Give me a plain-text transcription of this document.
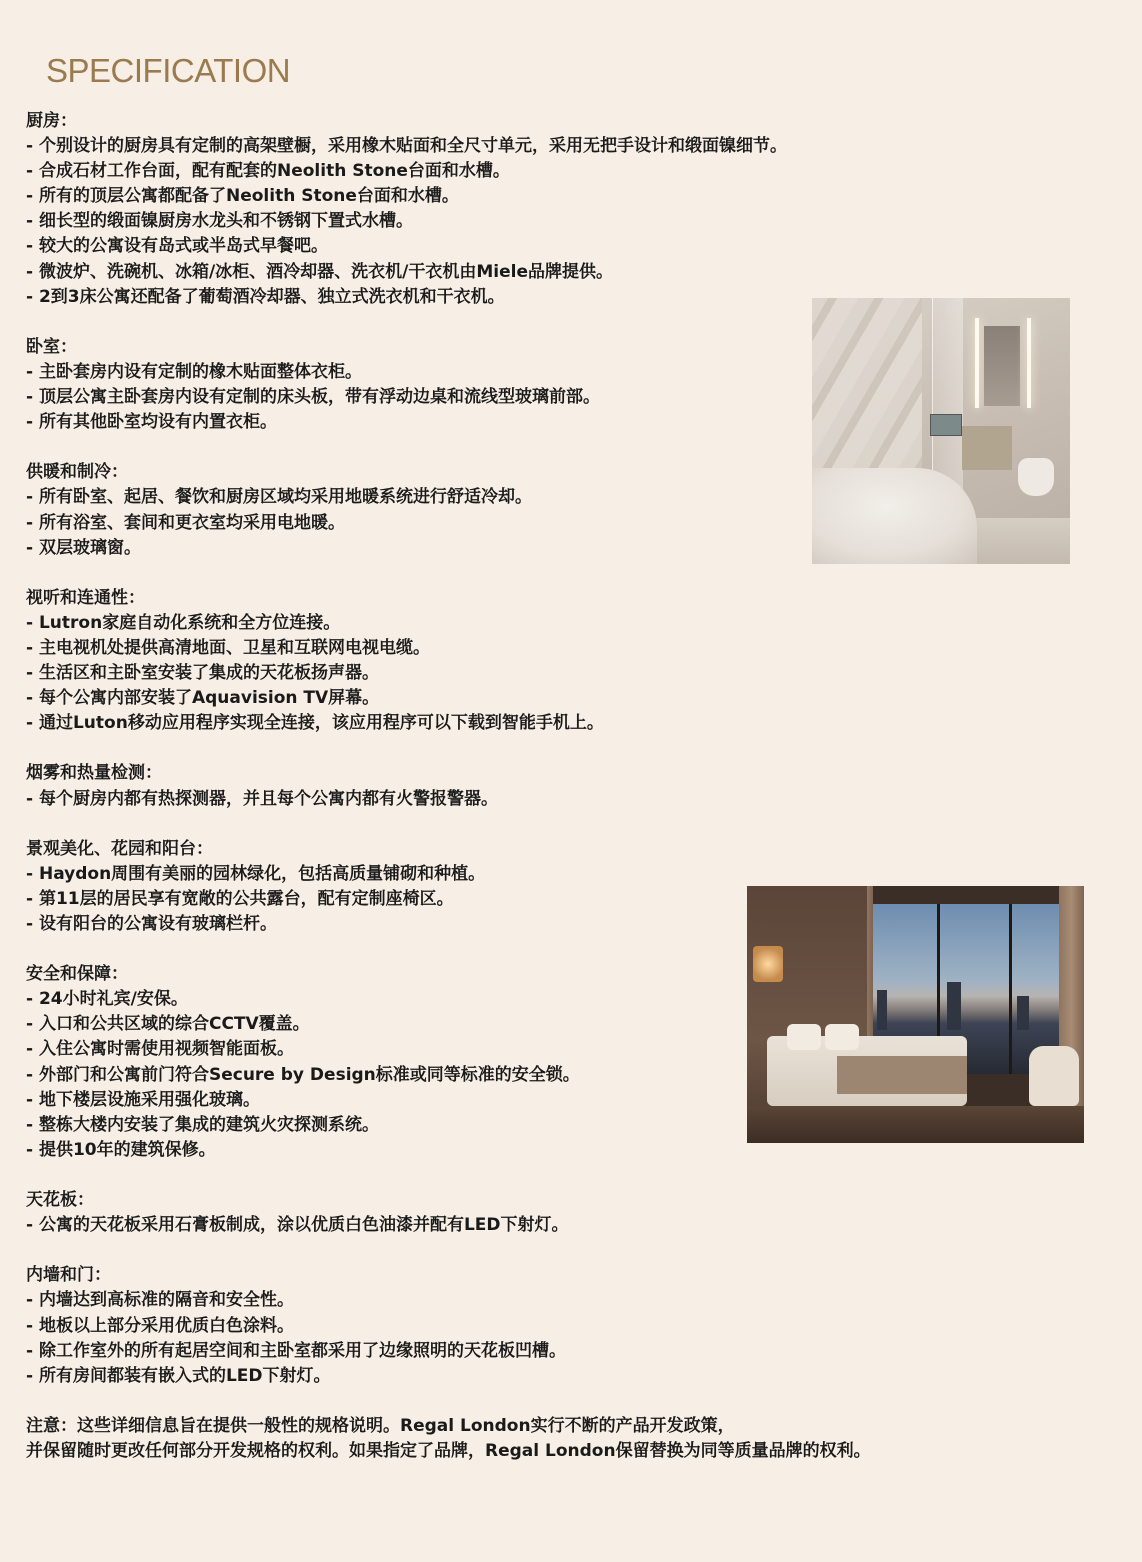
SPECIFICATION
厨房：
- 个别设计的厨房具有定制的高架壁橱，采用橡木贴面和全尺寸单元，采用无把手设计和缎面镍细节。
- 合成石材工作台面，配有配套的Neolith Stone台面和水槽。
- 所有的顶层公寓都配备了Neolith Stone台面和水槽。
- 细长型的缎面镍厨房水龙头和不锈钢下置式水槽。
- 较大的公寓设有岛式或半岛式早餐吧。
- 微波炉、洗碗机、冰箱/冰柜、酒冷却器、洗衣机/干衣机由Miele品牌提供。
- 2到3床公寓还配备了葡萄酒冷却器、独立式洗衣机和干衣机。
卧室：
- 主卧套房内设有定制的橡木贴面整体衣柜。
- 顶层公寓主卧套房内设有定制的床头板，带有浮动边桌和流线型玻璃前部。
- 所有其他卧室均设有内置衣柜。
供暖和制冷：
- 所有卧室、起居、餐饮和厨房区域均采用地暖系统进行舒适冷却。
- 所有浴室、套间和更衣室均采用电地暖。
- 双层玻璃窗。
视听和连通性：
- Lutron家庭自动化系统和全方位连接。
- 主电视机处提供高清地面、卫星和互联网电视电缆。
- 生活区和主卧室安装了集成的天花板扬声器。
- 每个公寓内部安装了Aquavision TV屏幕。
- 通过Luton移动应用程序实现全连接，该应用程序可以下载到智能手机上。
烟雾和热量检测：
- 每个厨房内都有热探测器，并且每个公寓内都有火警报警器。
景观美化、花园和阳台：
- Haydon周围有美丽的园林绿化，包括高质量铺砌和种植。
- 第11层的居民享有宽敞的公共露台，配有定制座椅区。
- 设有阳台的公寓设有玻璃栏杆。
安全和保障：
- 24小时礼宾/安保。
- 入口和公共区域的综合CCTV覆盖。
- 入住公寓时需使用视频智能面板。
- 外部门和公寓前门符合Secure by Design标准或同等标准的安全锁。
- 地下楼层设施采用强化玻璃。
- 整栋大楼内安装了集成的建筑火灾探测系统。
- 提供10年的建筑保修。
天花板：
- 公寓的天花板采用石膏板制成，涂以优质白色油漆并配有LED下射灯。
内墙和门：
- 内墙达到高标准的隔音和安全性。
- 地板以上部分采用优质白色涂料。
- 除工作室外的所有起居空间和主卧室都采用了边缘照明的天花板凹槽。
- 所有房间都装有嵌入式的LED下射灯。
注意：这些详细信息旨在提供一般性的规格说明。Regal London实行不断的产品开发政策，
并保留随时更改任何部分开发规格的权利。如果指定了品牌，Regal London保留替换为同等质量品牌的权利。
